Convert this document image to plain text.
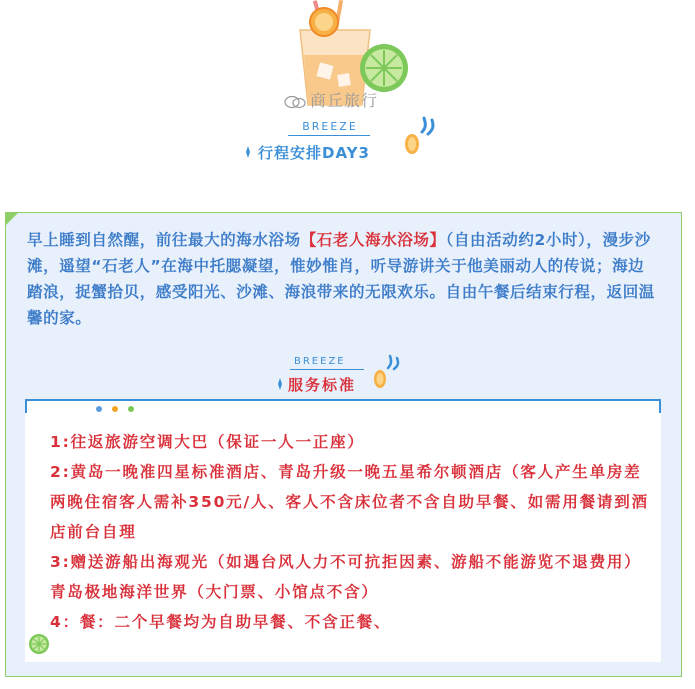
商丘旅行
BREEZE
行程安排DAY3

早上睡到自然醒，前往最大的海水浴场【石老人海水浴场】（自由活动约2小时），漫步沙滩，遥望“石老人”在海中托腮凝望，惟妙惟肖，听导游讲关于他美丽动人的传说；海边踏浪，捉蟹拾贝，感受阳光、沙滩、海浪带来的无限欢乐。自由午餐后结束行程，返回温馨的家。

BREEZE
服务标准
1:往返旅游空调大巴（保证一人一正座）
2:黄岛一晚准四星标准酒店、青岛升级一晚五星希尔顿酒店（客人产生单房差 两晚住宿客人需补350元/人、客人不含床位者不含自助早餐、如需用餐请到酒店前台自理
3:赠送游船出海观光（如遇台风人力不可抗拒因素、游船不能游览不退费用）青岛极地海洋世界（大门票、小馆点不含）
4：餐：二个早餐均为自助早餐、不含正餐、
